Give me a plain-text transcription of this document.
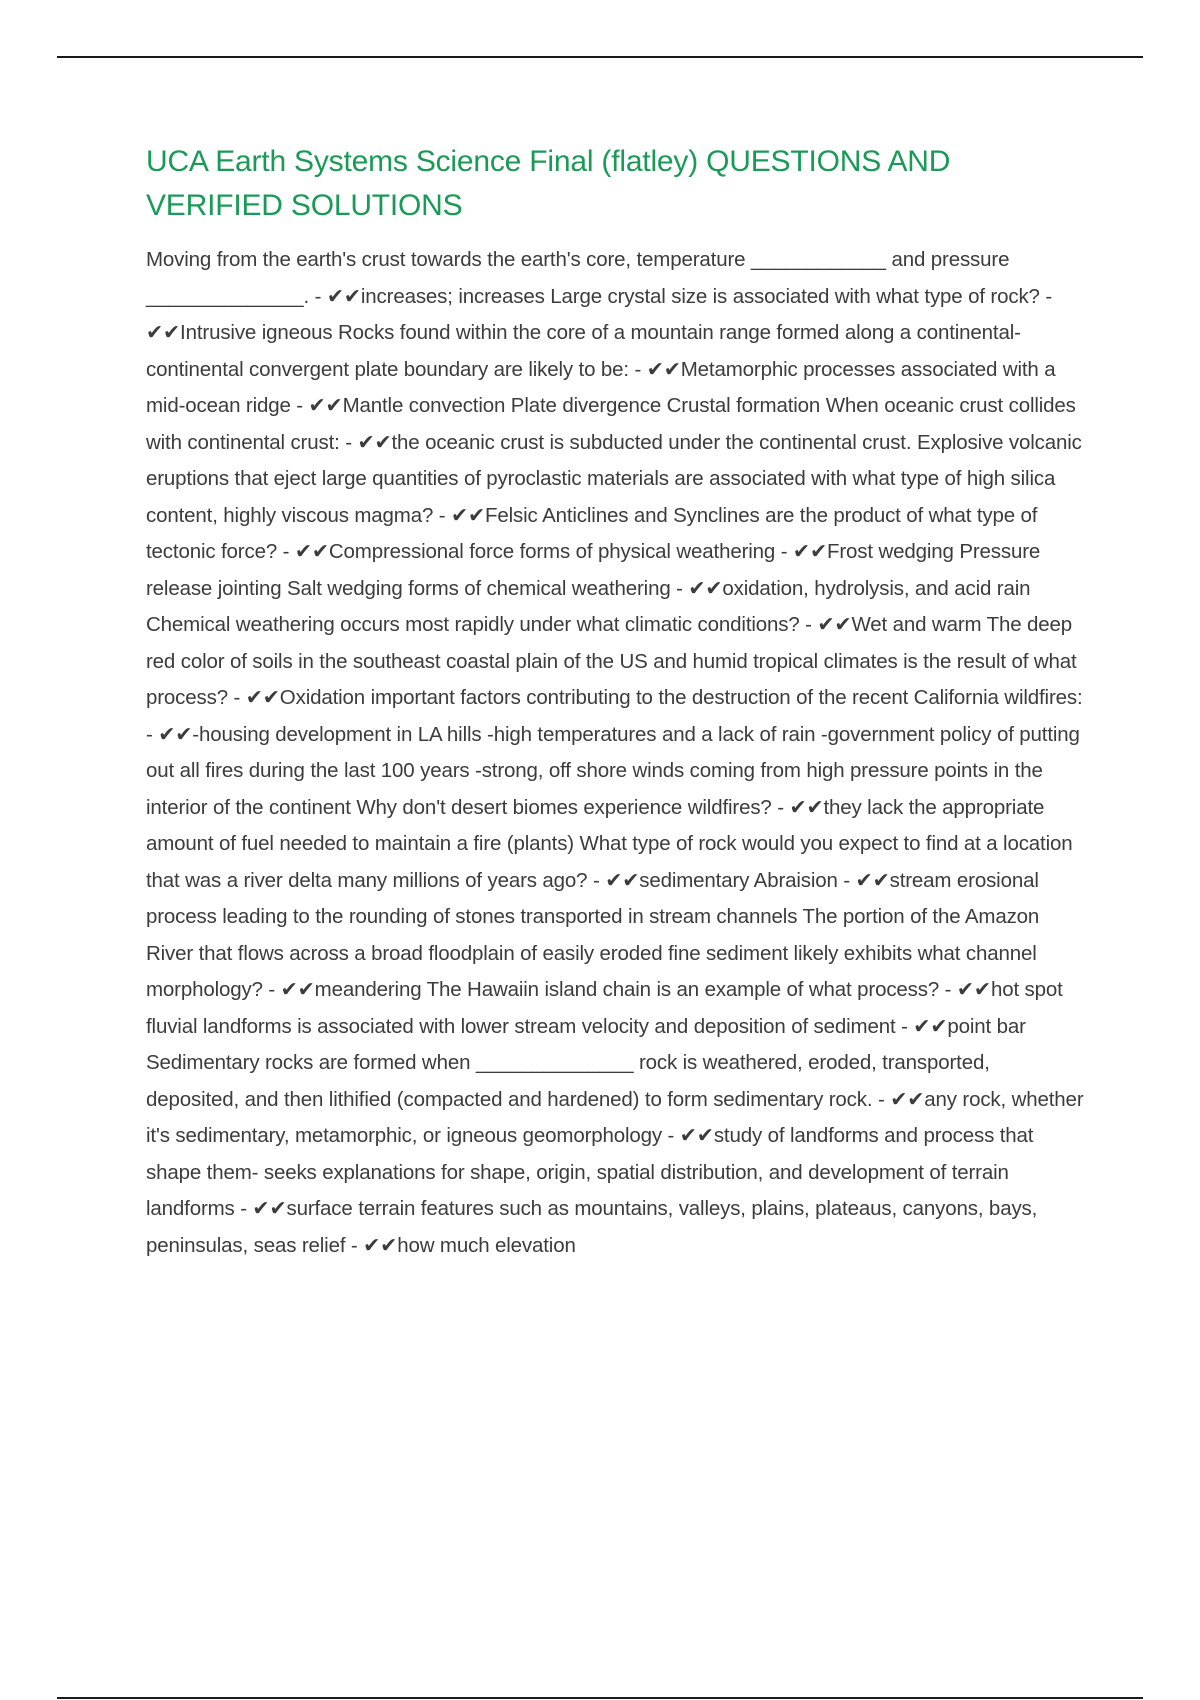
UCA Earth Systems Science Final (flatley) QUESTIONS AND VERIFIED SOLUTIONS

Moving from the earth's crust towards the earth's core, temperature ____________ and pressure ______________. - ✔✔increases; increases Large crystal size is associated with what type of rock? - ✔✔Intrusive igneous Rocks found within the core of a mountain range formed along a continental-continental convergent plate boundary are likely to be: - ✔✔Metamorphic processes associated with a mid-ocean ridge - ✔✔Mantle convection Plate divergence Crustal formation When oceanic crust collides with continental crust: - ✔✔the oceanic crust is subducted under the continental crust. Explosive volcanic eruptions that eject large quantities of pyroclastic materials are associated with what type of high silica content, highly viscous magma? - ✔✔Felsic Anticlines and Synclines are the product of what type of tectonic force? - ✔✔Compressional force forms of physical weathering - ✔✔Frost wedging Pressure release jointing Salt wedging forms of chemical weathering - ✔✔oxidation, hydrolysis, and acid rain Chemical weathering occurs most rapidly under what climatic conditions? - ✔✔Wet and warm The deep red color of soils in the southeast coastal plain of the US and humid tropical climates is the result of what process? - ✔✔Oxidation important factors contributing to the destruction of the recent California wildfires: - ✔✔-housing development in LA hills -high temperatures and a lack of rain -government policy of putting out all fires during the last 100 years -strong, off shore winds coming from high pressure points in the interior of the continent Why don't desert biomes experience wildfires? - ✔✔they lack the appropriate amount of fuel needed to maintain a fire (plants) What type of rock would you expect to find at a location that was a river delta many millions of years ago? - ✔✔sedimentary Abraision - ✔✔stream erosional process leading to the rounding of stones transported in stream channels The portion of the Amazon River that flows across a broad floodplain of easily eroded fine sediment likely exhibits what channel morphology? - ✔✔meandering The Hawaiin island chain is an example of what process? - ✔✔hot spot fluvial landforms is associated with lower stream velocity and deposition of sediment - ✔✔point bar Sedimentary rocks are formed when ______________ rock is weathered, eroded, transported, deposited, and then lithified (compacted and hardened) to form sedimentary rock. - ✔✔any rock, whether it's sedimentary, metamorphic, or igneous geomorphology - ✔✔study of landforms and process that shape them- seeks explanations for shape, origin, spatial distribution, and development of terrain landforms - ✔✔surface terrain features such as mountains, valleys, plains, plateaus, canyons, bays, peninsulas, seas relief - ✔✔how much elevation
